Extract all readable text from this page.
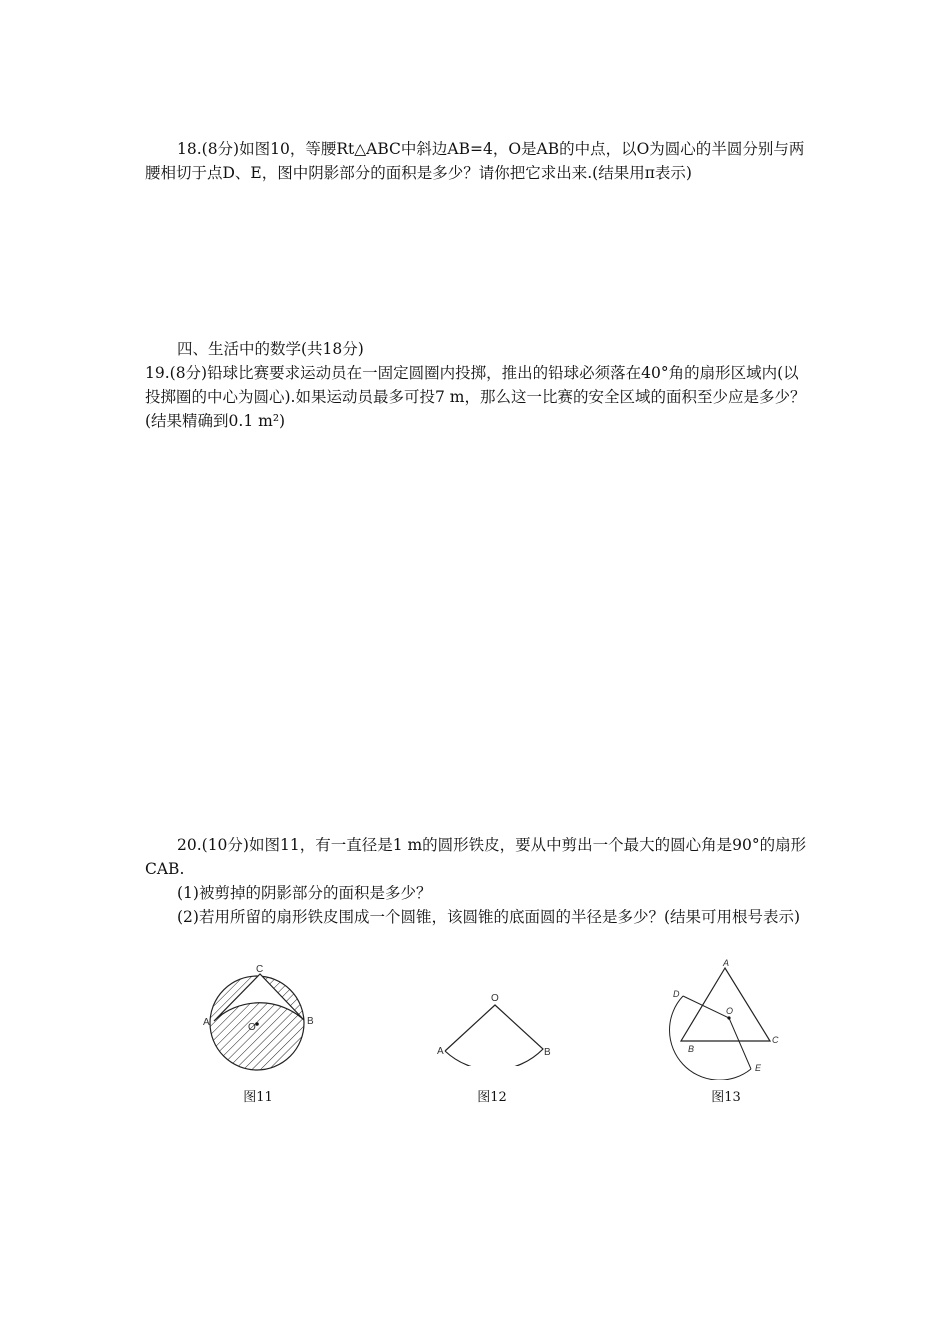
18.(8分)如图10，等腰Rt△ABC中斜边AB=4，O是AB的中点，以O为圆心的半圆分别与两腰相切于点D、E，图中阴影部分的面积是多少？请你把它求出来.(结果用π表示)

四、生活中的数学(共18分)

19.(8分)铅球比赛要求运动员在一固定圆圈内投掷，推出的铅球必须落在40°角的扇形区域内(以投掷圈的中心为圆心).如果运动员最多可投7 m，那么这一比赛的安全区域的面积至少应是多少？(结果精确到0.1 m²)

20.(10分)如图11，有一直径是1 m的圆形铁皮，要从中剪出一个最大的圆心角是90°的扇形CAB.

(1)被剪掉的阴影部分的面积是多少？

(2)若用所留的扇形铁皮围成一个圆锥，该圆锥的底面圆的半径是多少？(结果可用根号表示)

C
A	B
O
图11
O
A	B
图12
A
D
O
B
C
E
图13
